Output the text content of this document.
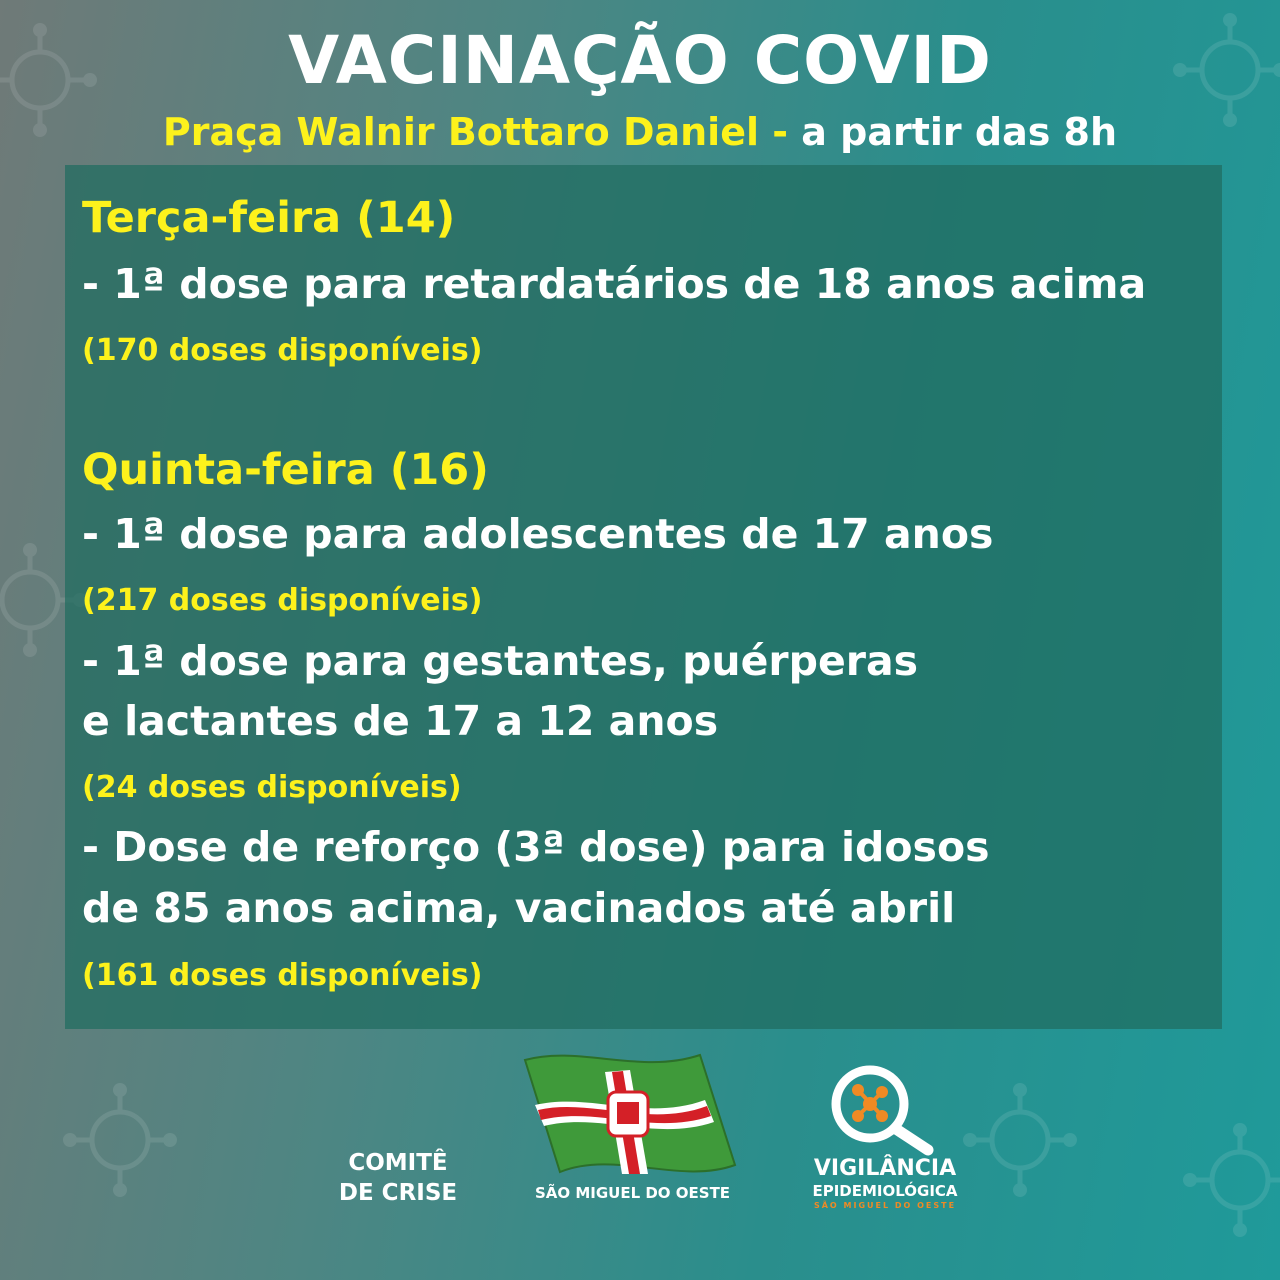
VACINAÇÃO COVID
Praça Walnir Bottaro Daniel - a partir das 8h
Terça-feira (14)
- 1ª dose para retardatários de 18 anos acima
(170 doses disponíveis)
Quinta-feira (16)
- 1ª dose para adolescentes de 17 anos
(217 doses disponíveis)
- 1ª dose para gestantes, puérperas
e lactantes de 17 a 12 anos
(24 doses disponíveis)
- Dose de reforço (3ª dose) para idosos
de 85 anos acima, vacinados até abril
(161 doses disponíveis)
COMITÊ
DE CRISE	SÃO MIGUEL DO OESTE
VIGILÂNCIA
EPIDEMIOLÓGICA
SÃO MIGUEL DO OESTE
